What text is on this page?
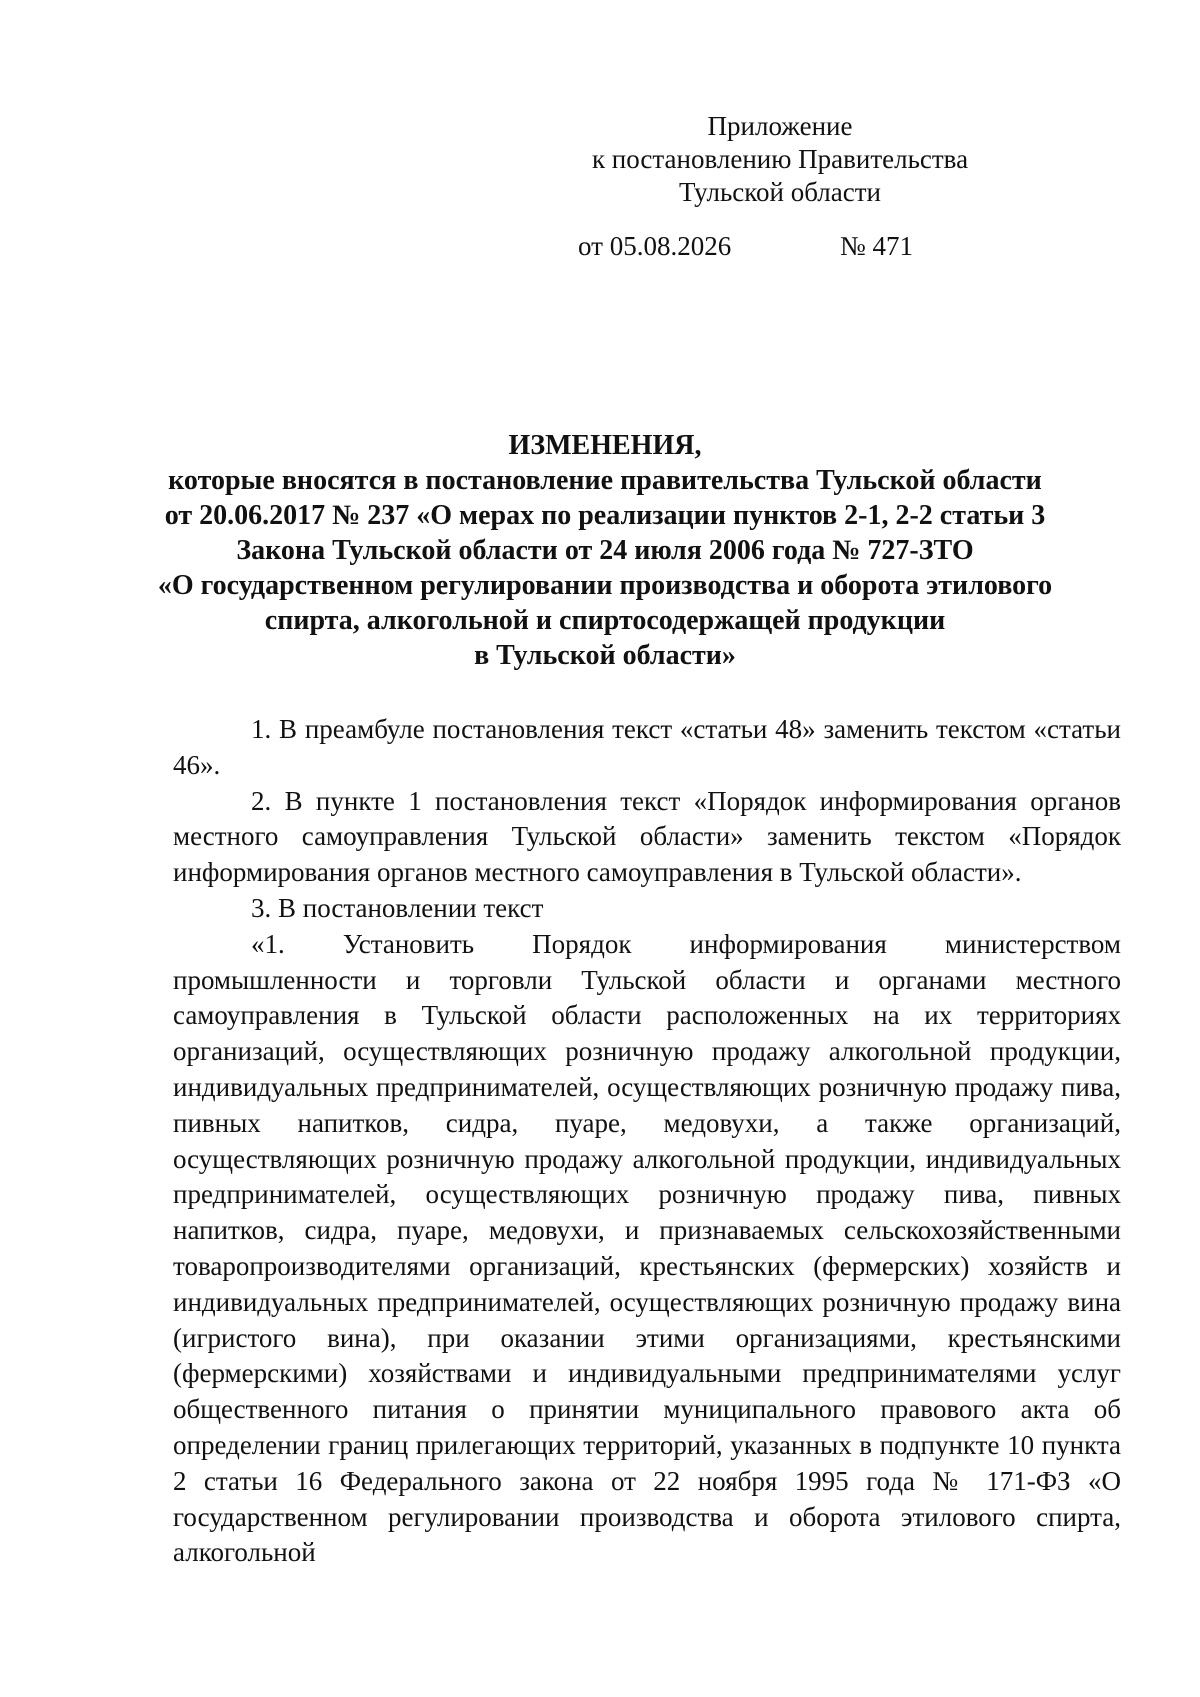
Приложение
к постановлению Правительства
Тульской области
от 05.08.2026	№ 471
ИЗМЕНЕНИЯ,
которые вносятся в постановление правительства Тульской области
от 20.06.2017 № 237 «О мерах по реализации пунктов 2-1, 2-2 статьи 3
Закона Тульской области от 24 июля 2006 года № 727-ЗТО
«О государственном регулировании производства и оборота этилового
спирта, алкогольной и спиртосодержащей продукции
в Тульской области»

1. В преамбуле постановления текст «статьи 48» заменить текстом «статьи 46».

2. В пункте 1 постановления текст «Порядок информирования органов местного самоуправления Тульской области» заменить текстом «Порядок информирования органов местного самоуправления в Тульской области».

3. В постановлении текст

«1. Установить Порядок информирования министерством промышленности и торговли Тульской области и органами местного самоуправления в Тульской области расположенных на их территориях организаций, осуществляющих розничную продажу алкогольной продукции, индивидуальных предпринимателей, осуществляющих розничную продажу пива, пивных напитков, сидра, пуаре, медовухи, а также организаций, осуществляющих розничную продажу алкогольной продукции, индивидуальных предпринимателей, осуществляющих розничную продажу пива, пивных напитков, сидра, пуаре, медовухи, и признаваемых сельскохозяйственными товаропроизводителями организаций, крестьянских (фермерских) хозяйств и индивидуальных предпринимателей, осуществляющих розничную продажу вина (игристого вина), при оказании этими организациями, крестьянскими (фермерскими) хозяйствами и индивидуальными предпринимателями услуг общественного питания о принятии муниципального правового акта об определении границ прилегающих территорий, указанных в подпункте 10 пункта 2 статьи 16 Федерального закона от 22 ноября 1995 года № 171-ФЗ «О государственном регулировании производства и оборота этилового спирта, алкогольной
